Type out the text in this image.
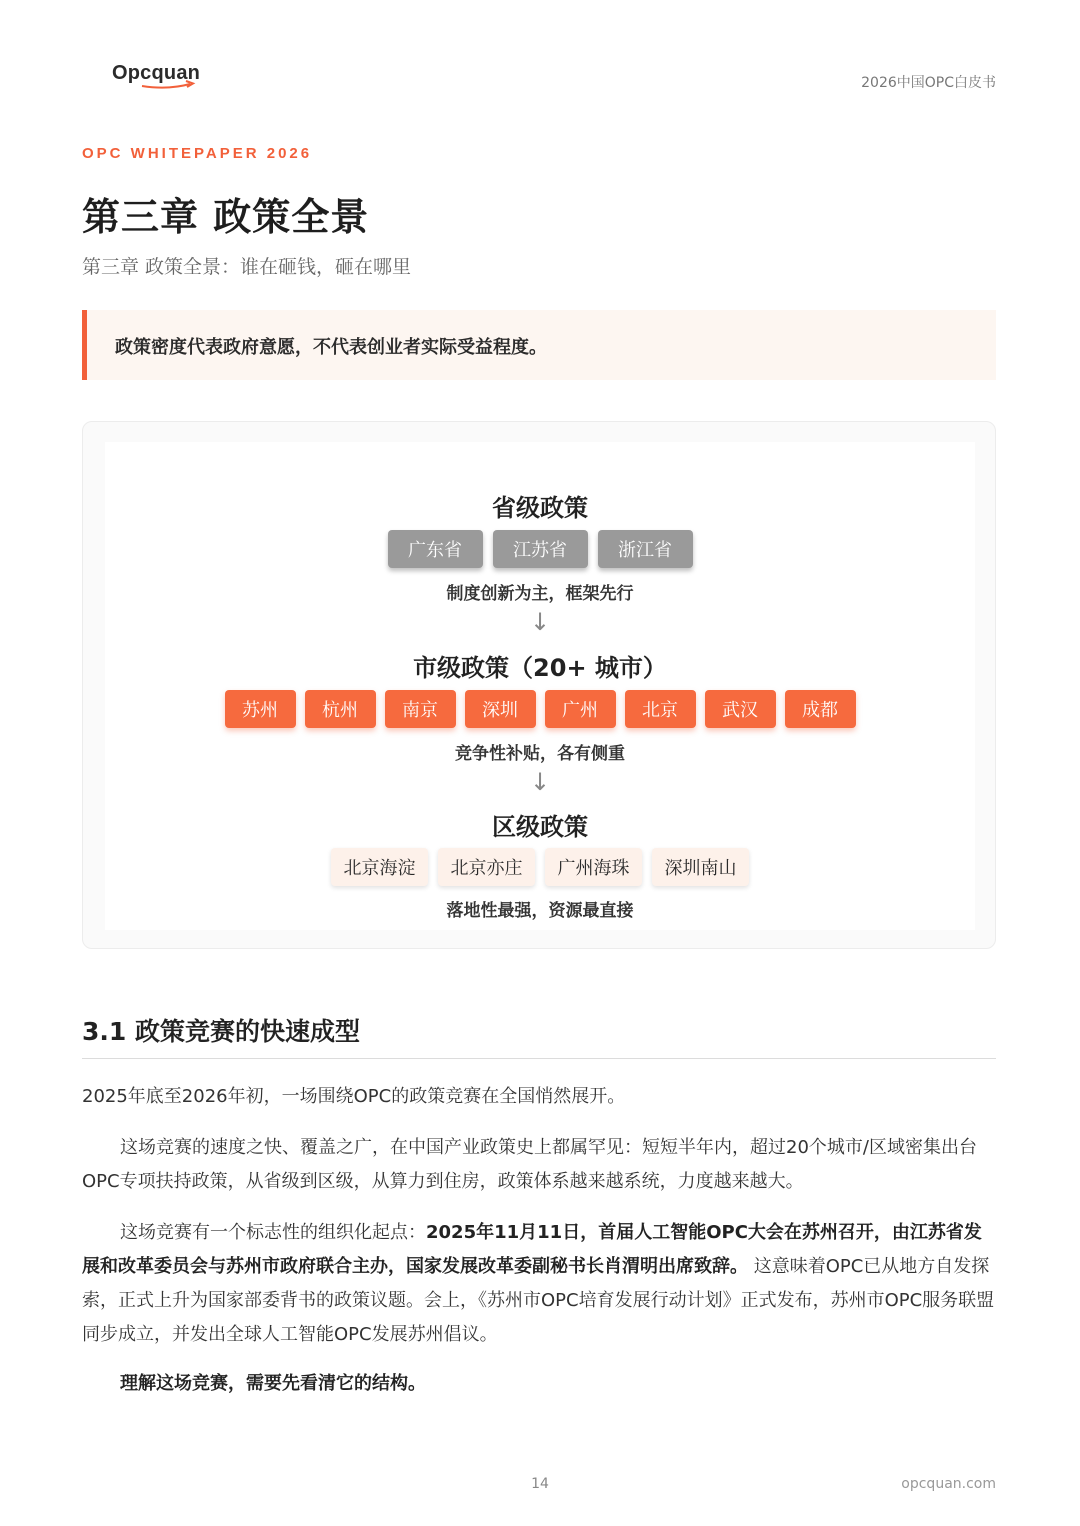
Opcquan	2026中国OPC白皮书
OPC WHITEPAPER 2026
第三章 政策全景
第三章 政策全景：谁在砸钱，砸在哪里
政策密度代表政府意愿，不代表创业者实际受益程度。
省级政策
广东省	江苏省	浙江省
制度创新为主，框架先行
↓
市级政策（20+ 城市）
苏州	杭州	南京	深圳	广州	北京	武汉	成都
竞争性补贴，各有侧重
↓
区级政策
北京海淀	北京亦庄	广州海珠	深圳南山
落地性最强，资源最直接
3.1 政策竞赛的快速成型
2025年底至2026年初，一场围绕OPC的政策竞赛在全国悄然展开。
这场竞赛的速度之快、覆盖之广，在中国产业政策史上都属罕见：短短半年内，超过20个城市/区域密集出台OPC专项扶持政策，从省级到区级，从算力到住房，政策体系越来越系统，力度越来越大。
这场竞赛有一个标志性的组织化起点：2025年11月11日，首届人工智能OPC大会在苏州召开，由江苏省发展和改革委员会与苏州市政府联合主办，国家发展改革委副秘书长肖渭明出席致辞。 这意味着OPC已从地方自发探索，正式上升为国家部委背书的政策议题。会上，《苏州市OPC培育发展行动计划》正式发布，苏州市OPC服务联盟同步成立，并发出全球人工智能OPC发展苏州倡议。
理解这场竞赛，需要先看清它的结构。
14	opcquan.com
